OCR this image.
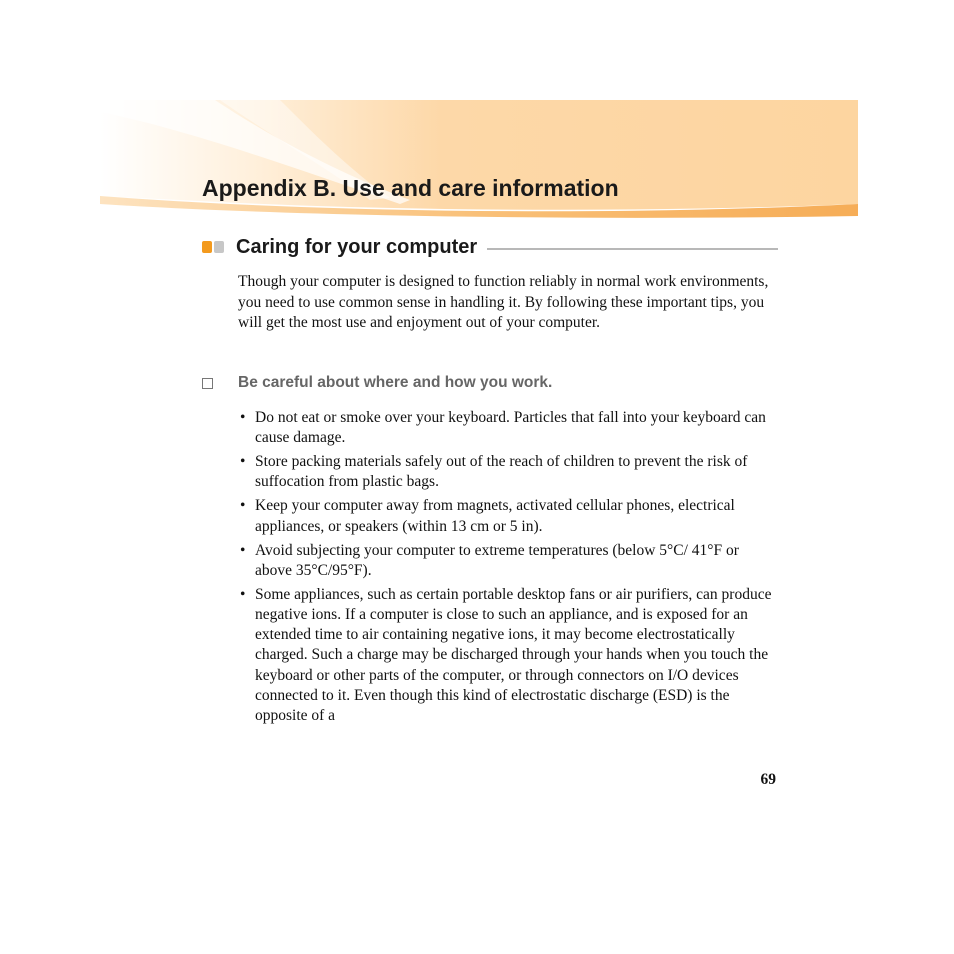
Appendix B. Use and care information
Caring for your computer

Though your computer is designed to function reliably in normal work environments, you need to use common sense in handling it. By following these important tips, you will get the most use and enjoyment out of your computer.

Be careful about where and how you work.

• Do not eat or smoke over your keyboard. Particles that fall into your keyboard can cause damage.
• Store packing materials safely out of the reach of children to prevent the risk of suffocation from plastic bags.
• Keep your computer away from magnets, activated cellular phones, electrical appliances, or speakers (within 13 cm or 5 in).
• Avoid subjecting your computer to extreme temperatures (below 5°C/ 41°F or above 35°C/95°F).
• Some appliances, such as certain portable desktop fans or air purifiers, can produce negative ions. If a computer is close to such an appliance, and is exposed for an extended time to air containing negative ions, it may become electrostatically charged. Such a charge may be discharged through your hands when you touch the keyboard or other parts of the computer, or through connectors on I/O devices connected to it. Even though this kind of electrostatic discharge (ESD) is the opposite of a

69
